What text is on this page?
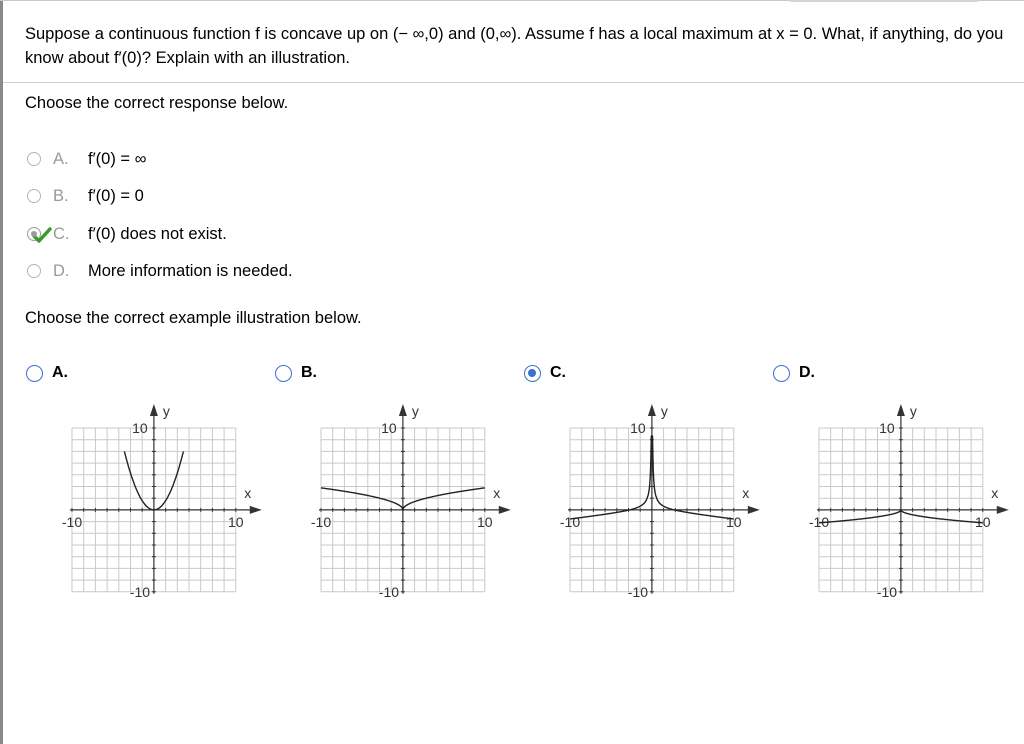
Suppose a continuous function f is concave up on (− ∞,0) and (0,∞). Assume f has a local maximum at x = 0. What, if anything, do you know about f′(0)? Explain with an illustration.
Choose the correct response below.
A.	f′(0) = ∞
B.	f′(0) = 0
C.	f′(0) does not exist.
D.	More information is needed.
Choose the correct example illustration below.
A.
y
x
-10	10
10
-10
B.
y
x
-10	10
10
-10
C.
y
x
-10	10
10
-10
D.
y
x
-10	10
10
-10
